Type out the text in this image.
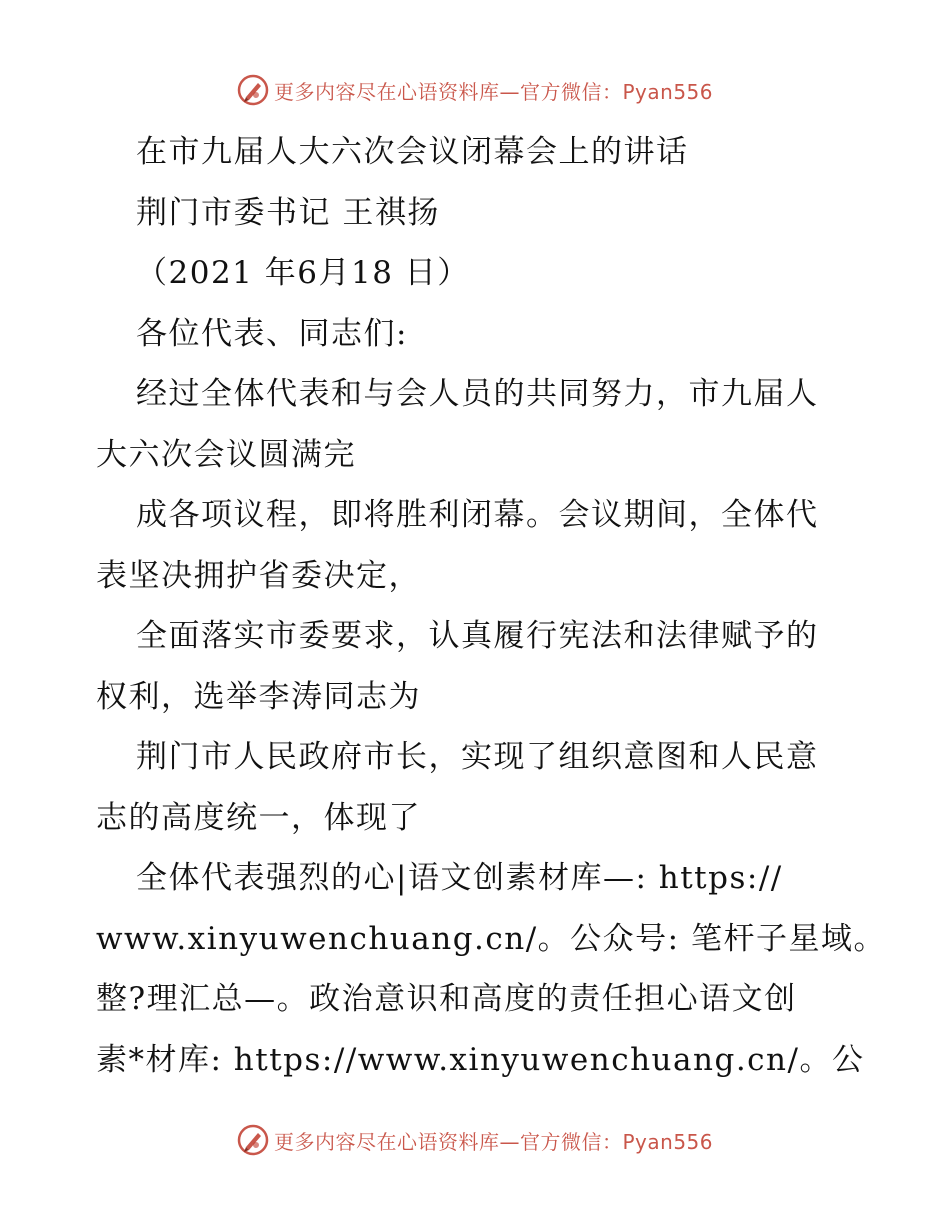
更多内容尽在心语资料库—官方微信：Pyan556
在市九届人大六次会议闭幕会上的讲话
荆门市委书记 王祺扬
（2021 年6月18 日）
各位代表、同志们:
经过全体代表和与会人员的共同努力，市九届人
大六次会议圆满完
成各项议程，即将胜利闭幕。会议期间，全体代
表坚决拥护省委决定，
全面落实市委要求，认真履行宪法和法律赋予的
权利，选举李涛同志为
荆门市人民政府市长，实现了组织意图和人民意
志的高度统一，体现了
全体代表强烈的心|语文创素材库—: https://
www.xinyuwenchuang.cn/。公众号: 笔杆子星域。
整?理汇总—。政治意识和高度的责任担心语文创
素*材库: https://www.xinyuwenchuang.cn/。公
更多内容尽在心语资料库—官方微信：Pyan556
